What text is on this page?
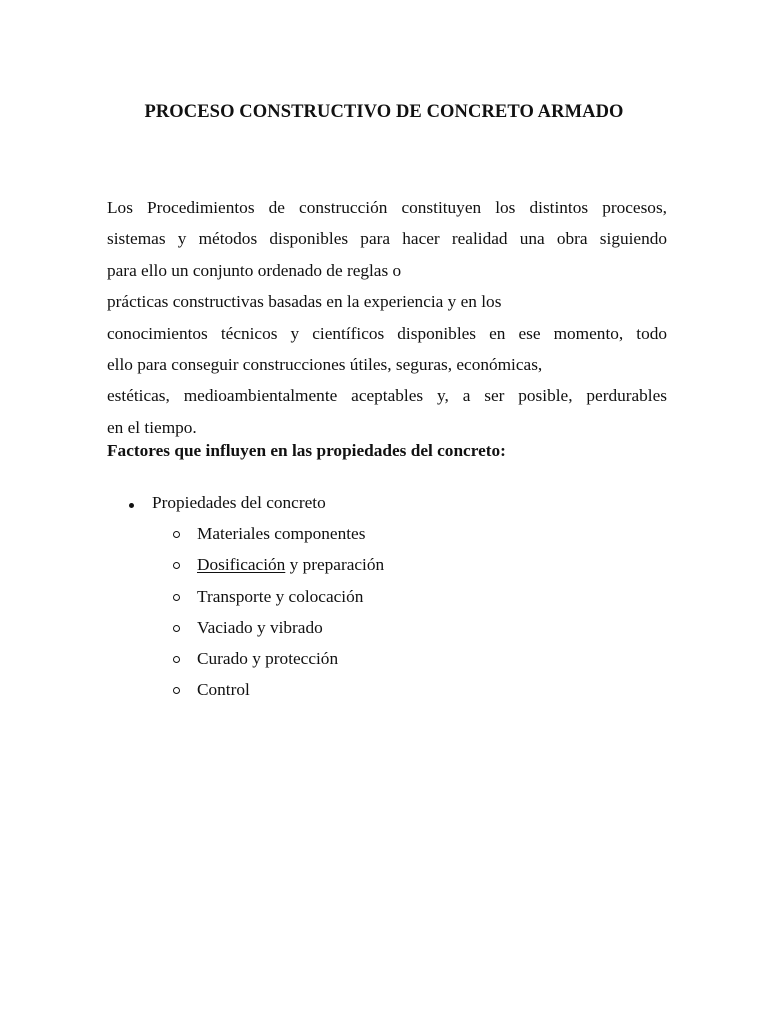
PROCESO CONSTRUCTIVO DE CONCRETO ARMADO

Los Procedimientos de construcción constituyen los distintos procesos,
sistemas y métodos disponibles para hacer realidad una obra siguiendo
para ello un conjunto ordenado de reglas o
prácticas constructivas basadas en la experiencia y en los
conocimientos técnicos y científicos disponibles en ese momento, todo
ello para conseguir construcciones útiles, seguras, económicas,
estéticas, medioambientalmente aceptables y, a ser posible, perdurables
en el tiempo.

Factores que influyen en las propiedades del concreto:

Propiedades del concreto
Materiales componentes
Dosificación y preparación
Transporte y colocación
Vaciado y vibrado
Curado y protección
Control
